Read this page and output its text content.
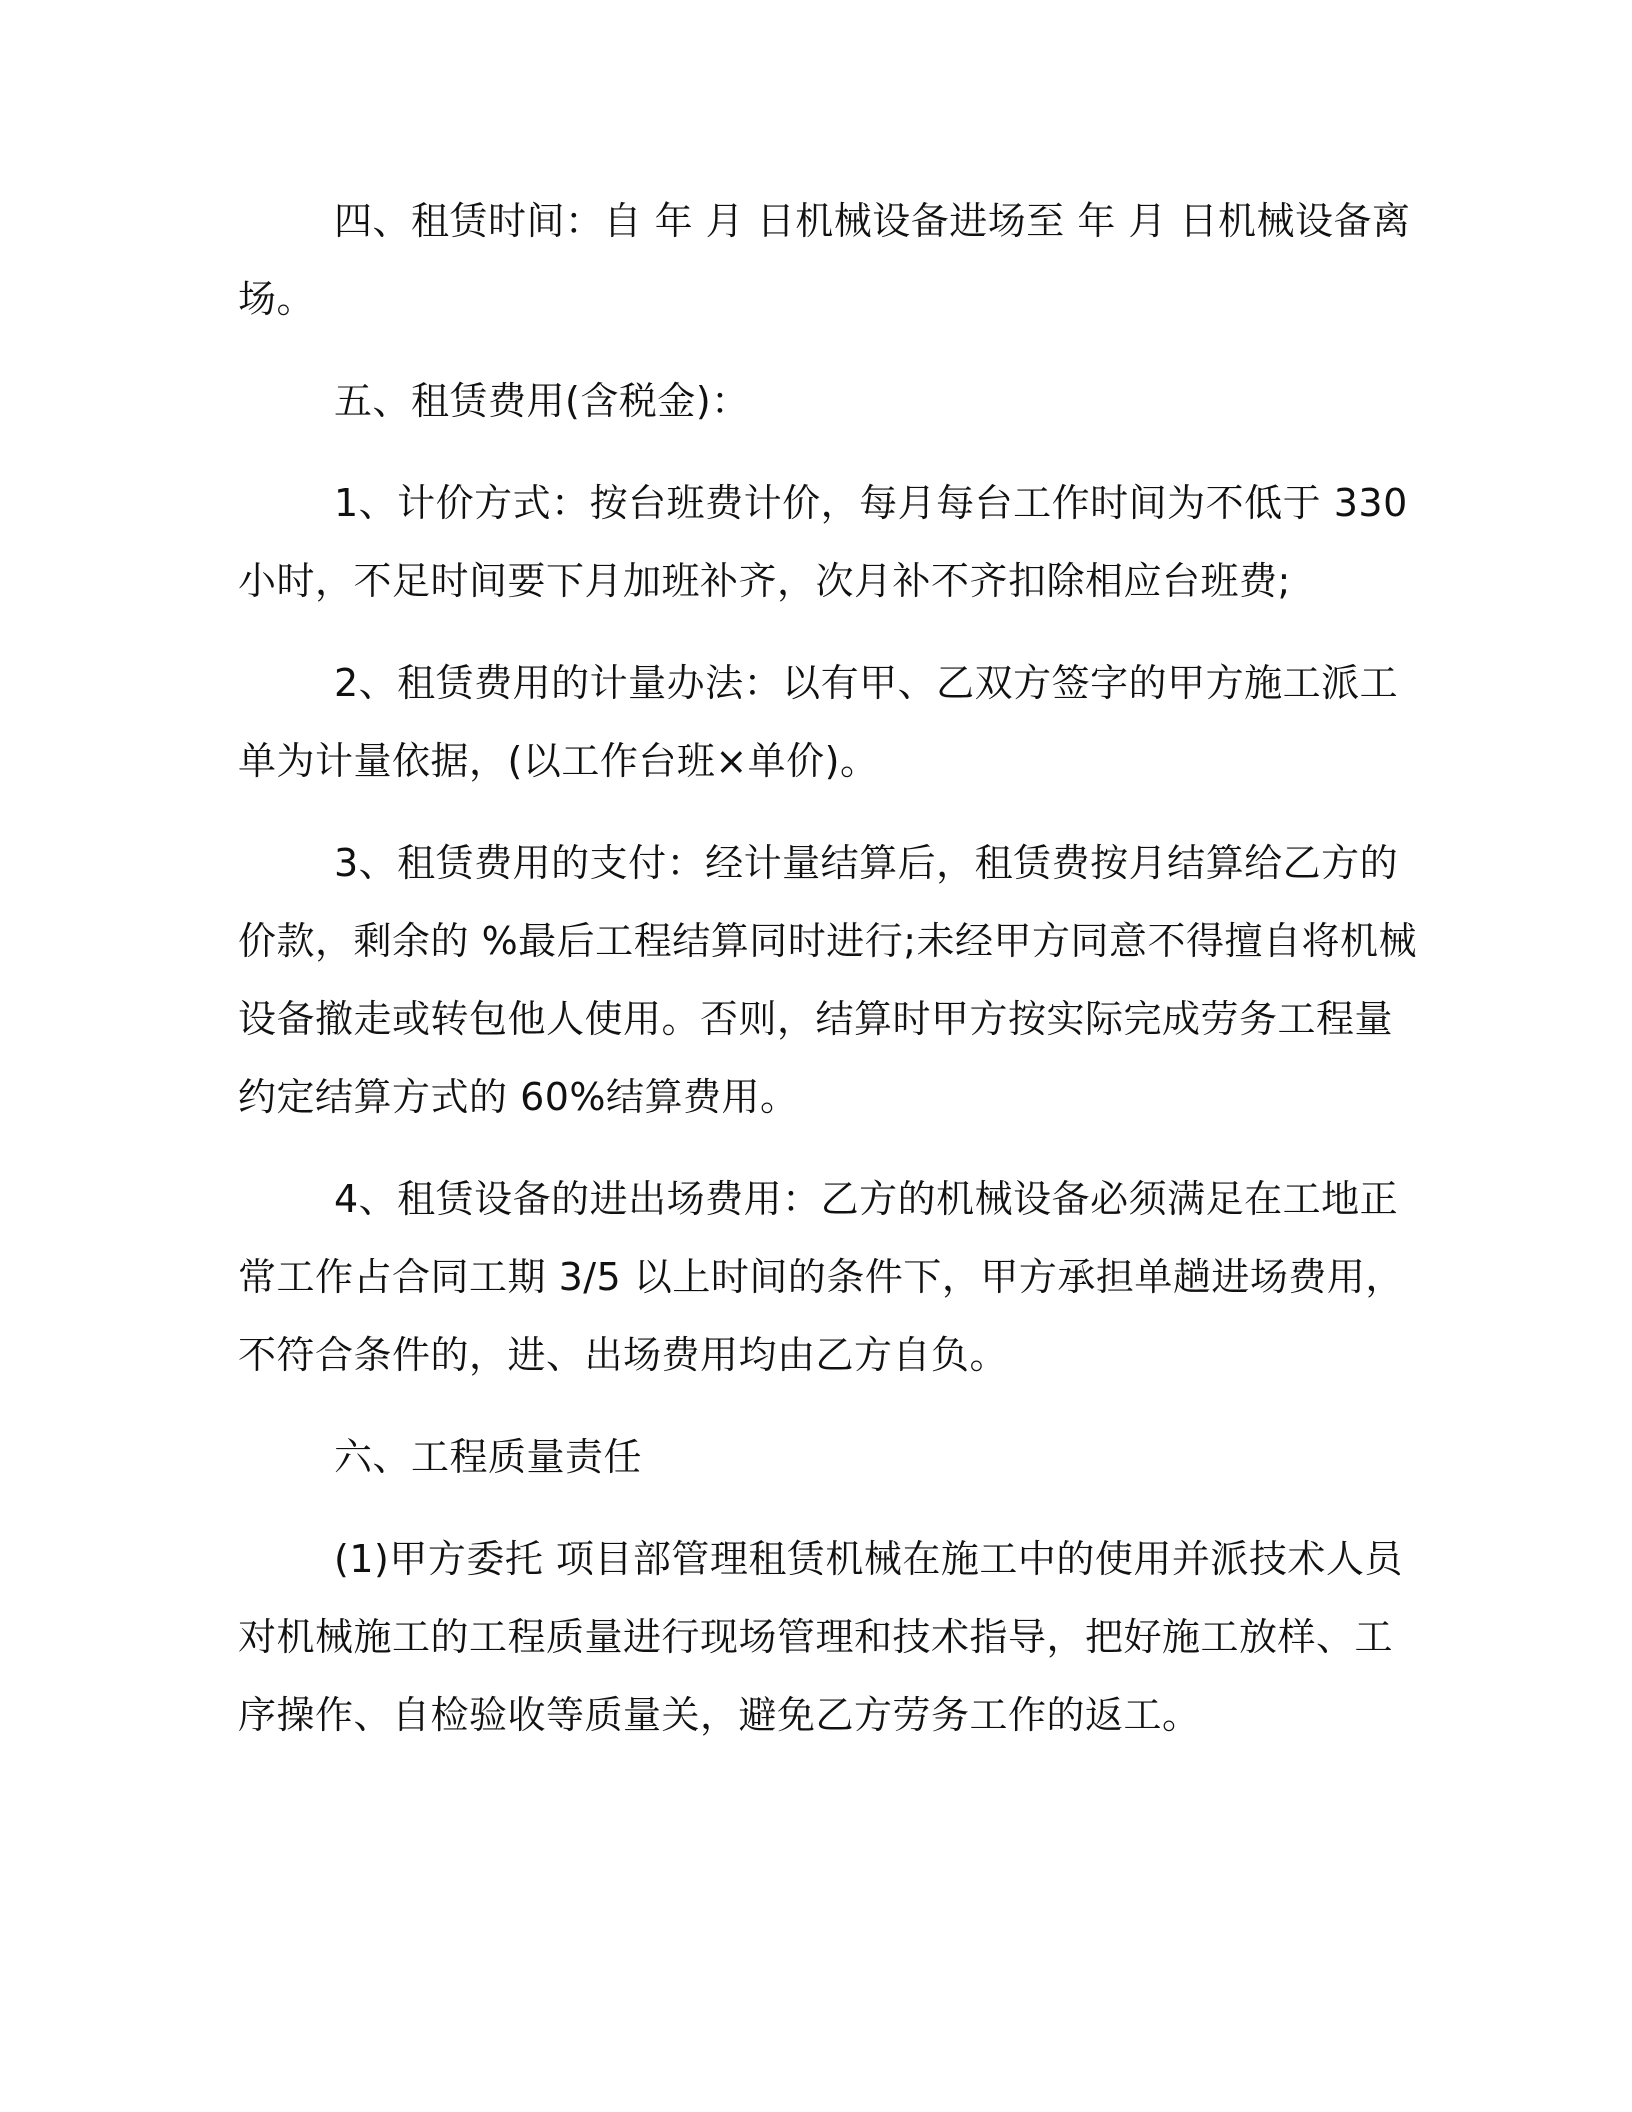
四、租赁时间：自 年 月 日机械设备进场至 年 月 日机械设备离
场。
五、租赁费用(含税金)：
1、计价方式：按台班费计价，每月每台工作时间为不低于 330
小时，不足时间要下月加班补齐，次月补不齐扣除相应台班费;
2、租赁费用的计量办法：以有甲、乙双方签字的甲方施工派工
单为计量依据，(以工作台班×单价)。
3、租赁费用的支付：经计量结算后，租赁费按月结算给乙方的
价款，剩余的 %最后工程结算同时进行;未经甲方同意不得擅自将机械
设备撤走或转包他人使用。否则，结算时甲方按实际完成劳务工程量
约定结算方式的 60%结算费用。
4、租赁设备的进出场费用：乙方的机械设备必须满足在工地正
常工作占合同工期 3/5 以上时间的条件下，甲方承担单趟进场费用，
不符合条件的，进、出场费用均由乙方自负。
六、工程质量责任
(1)甲方委托 项目部管理租赁机械在施工中的使用并派技术人员
对机械施工的工程质量进行现场管理和技术指导，把好施工放样、工
序操作、自检验收等质量关，避免乙方劳务工作的返工。
